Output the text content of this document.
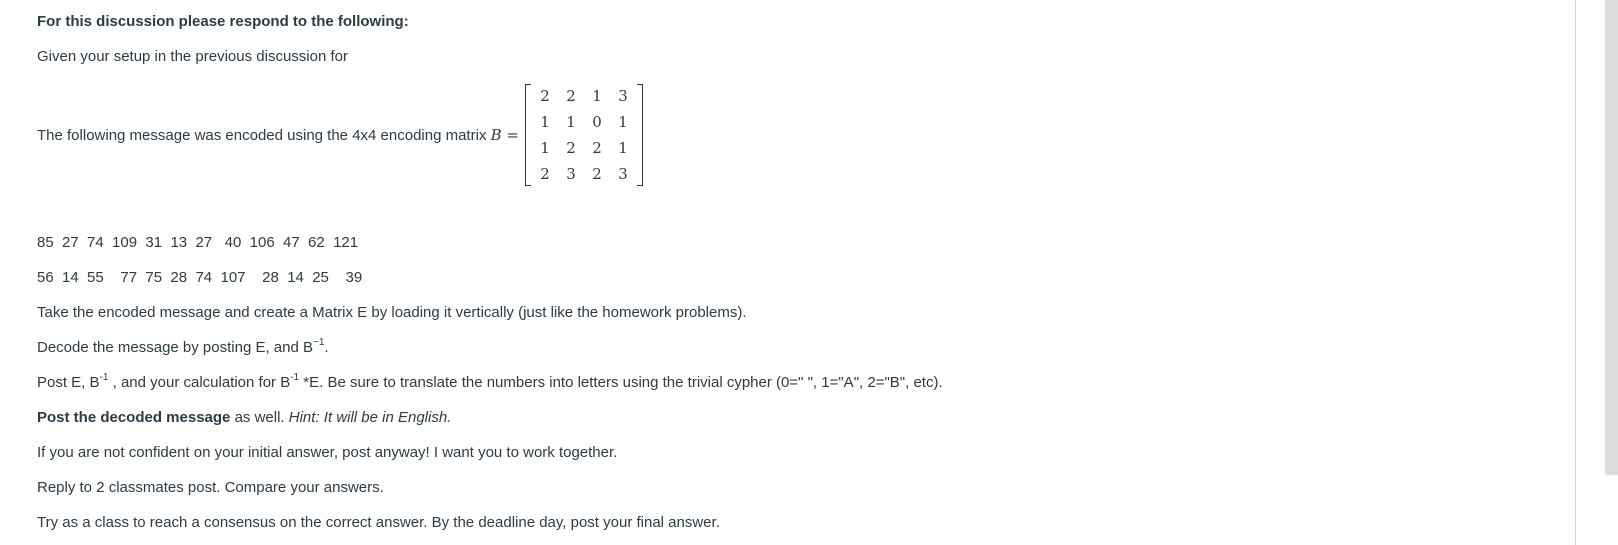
For this discussion please respond to the following:
Given your setup in the previous discussion for
The following message was encoded using the 4x4 encoding matrix B =
2	2	1	3
1	1	0	1
1	2	2	1
2	3	2	3
85  27  74  109  31  13  27   40  106  47  62  121
56  14  55    77  75  28  74  107    28  14  25    39
Take the encoded message and create a Matrix E by loading it vertically (just like the homework problems).
Decode the message by posting E, and $B^{-1}$.
Post E, $B^{-1}$ , and your calculation for $B^{-1}$ *E. Be sure to translate the numbers into letters using the trivial cypher (0=" ", 1="A", 2="B", etc).
Post the decoded message as well. Hint: It will be in English.
If you are not confident on your initial answer, post anyway! I want you to work together.
Reply to 2 classmates post. Compare your answers.
Try as a class to reach a consensus on the correct answer. By the deadline day, post your final answer.
